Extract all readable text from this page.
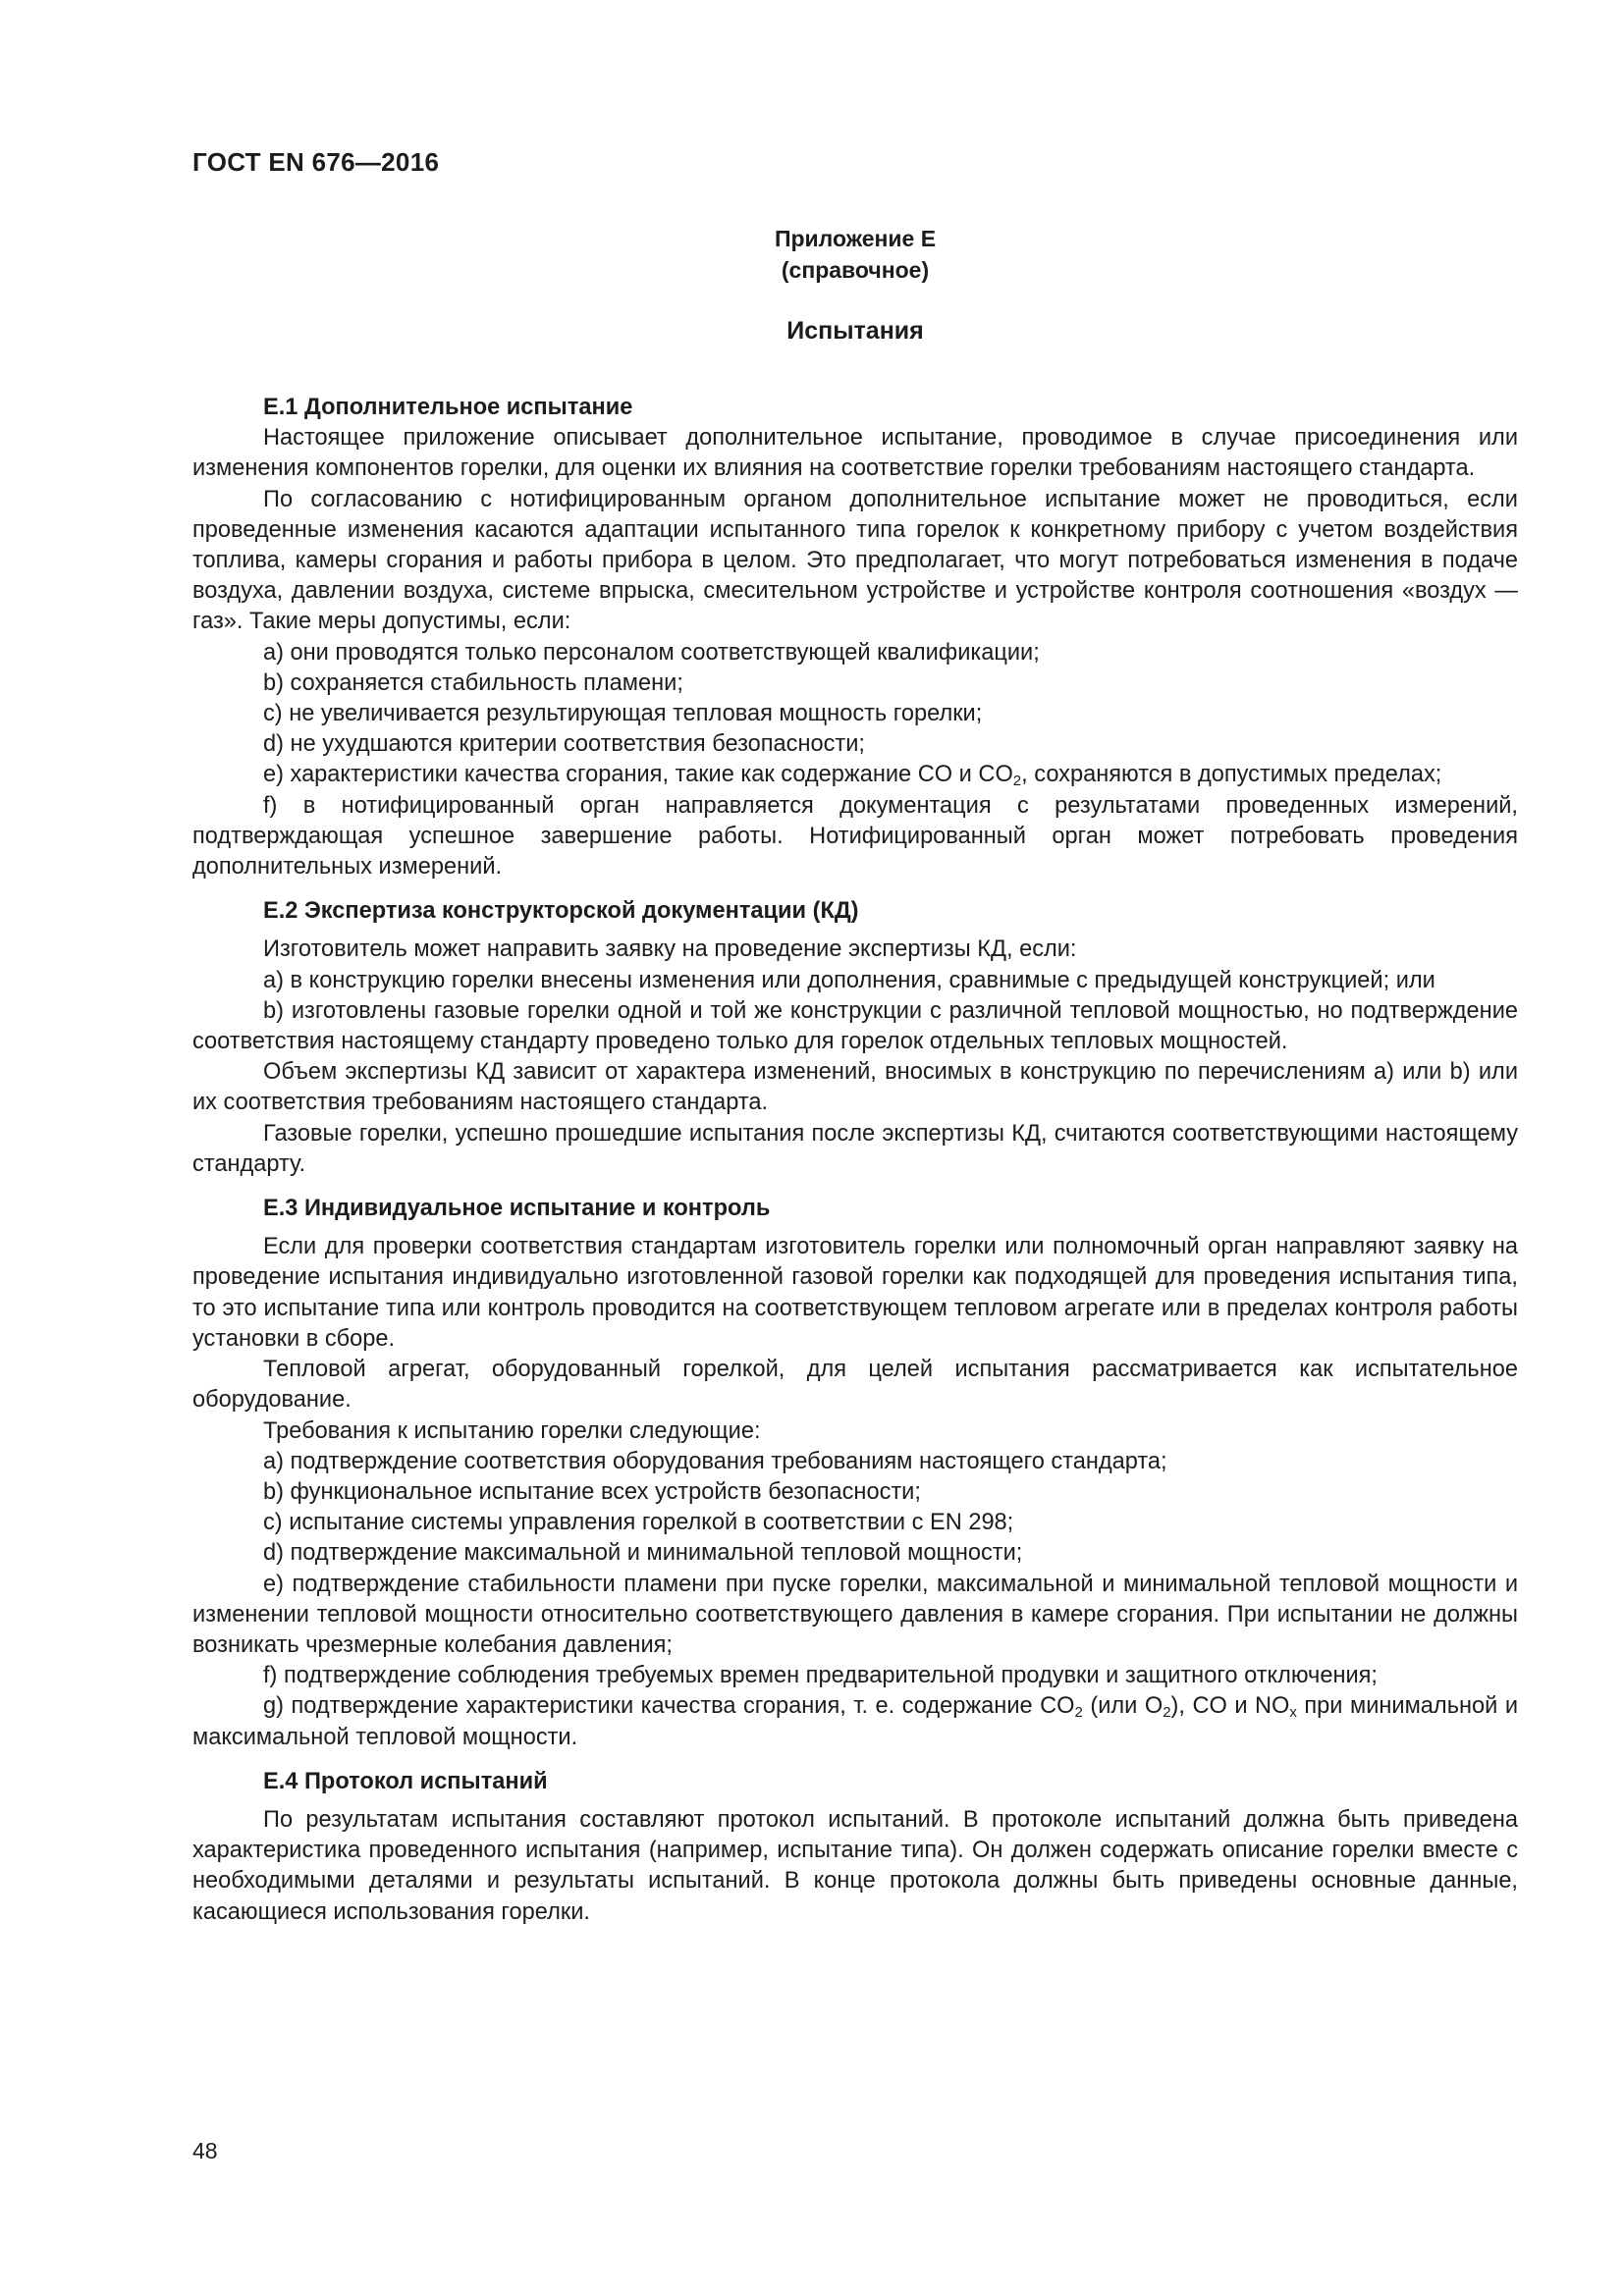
ГОСТ EN 676—2016
Приложение Е
(справочное)
Испытания
Е.1 Дополнительное испытание

Настоящее приложение описывает дополнительное испытание, проводимое в случае присоединения или изменения компонентов горелки, для оценки их влияния на соответствие горелки требованиям настоящего стандарта.

По согласованию с нотифицированным органом дополнительное испытание может не проводиться, если проведенные изменения касаются адаптации испытанного типа горелок к конкретному прибору с учетом воздействия топлива, камеры сгорания и работы прибора в целом. Это предполагает, что могут потребоваться изменения в подаче воздуха, давлении воздуха, системе впрыска, смесительном устройстве и устройстве контроля соотношения «воздух — газ». Такие меры допустимы, если:

a) они проводятся только персоналом соответствующей квалификации;

b) сохраняется стабильность пламени;

c) не увеличивается результирующая тепловая мощность горелки;

d) не ухудшаются критерии соответствия безопасности;

e) характеристики качества сгорания, такие как содержание CO и $CO_2$, сохраняются в допустимых пределах;

f) в нотифицированный орган направляется документация с результатами проведенных измерений, подтверждающая успешное завершение работы. Нотифицированный орган может потребовать проведения дополнительных измерений.

Е.2 Экспертиза конструкторской документации (КД)

Изготовитель может направить заявку на проведение экспертизы КД, если:

a) в конструкцию горелки внесены изменения или дополнения, сравнимые с предыдущей конструкцией; или

b) изготовлены газовые горелки одной и той же конструкции с различной тепловой мощностью, но подтверждение соответствия настоящему стандарту проведено только для горелок отдельных тепловых мощностей.

Объем экспертизы КД зависит от характера изменений, вносимых в конструкцию по перечислениям a) или b) или их соответствия требованиям настоящего стандарта.

Газовые горелки, успешно прошедшие испытания после экспертизы КД, считаются соответствующими настоящему стандарту.

Е.3 Индивидуальное испытание и контроль

Если для проверки соответствия стандартам изготовитель горелки или полномочный орган направляют заявку на проведение испытания индивидуально изготовленной газовой горелки как подходящей для проведения испытания типа, то это испытание типа или контроль проводится на соответствующем тепловом агрегате или в пределах контроля работы установки в сборе.

Тепловой агрегат, оборудованный горелкой, для целей испытания рассматривается как испытательное оборудование.

Требования к испытанию горелки следующие:

a) подтверждение соответствия оборудования требованиям настоящего стандарта;

b) функциональное испытание всех устройств безопасности;

c) испытание системы управления горелкой в соответствии с EN 298;

d) подтверждение максимальной и минимальной тепловой мощности;

e) подтверждение стабильности пламени при пуске горелки, максимальной и минимальной тепловой мощности и изменении тепловой мощности относительно соответствующего давления в камере сгорания. При испытании не должны возникать чрезмерные колебания давления;

f) подтверждение соблюдения требуемых времен предварительной продувки и защитного отключения;

g) подтверждение характеристики качества сгорания, т. е. содержание $CO_2$ (или $O_2$), CO и $NO_x$ при минимальной и максимальной тепловой мощности.

Е.4 Протокол испытаний

По результатам испытания составляют протокол испытаний. В протоколе испытаний должна быть приведена характеристика проведенного испытания (например, испытание типа). Он должен содержать описание горелки вместе с необходимыми деталями и результаты испытаний. В конце протокола должны быть приведены основные данные, касающиеся использования горелки.

48
